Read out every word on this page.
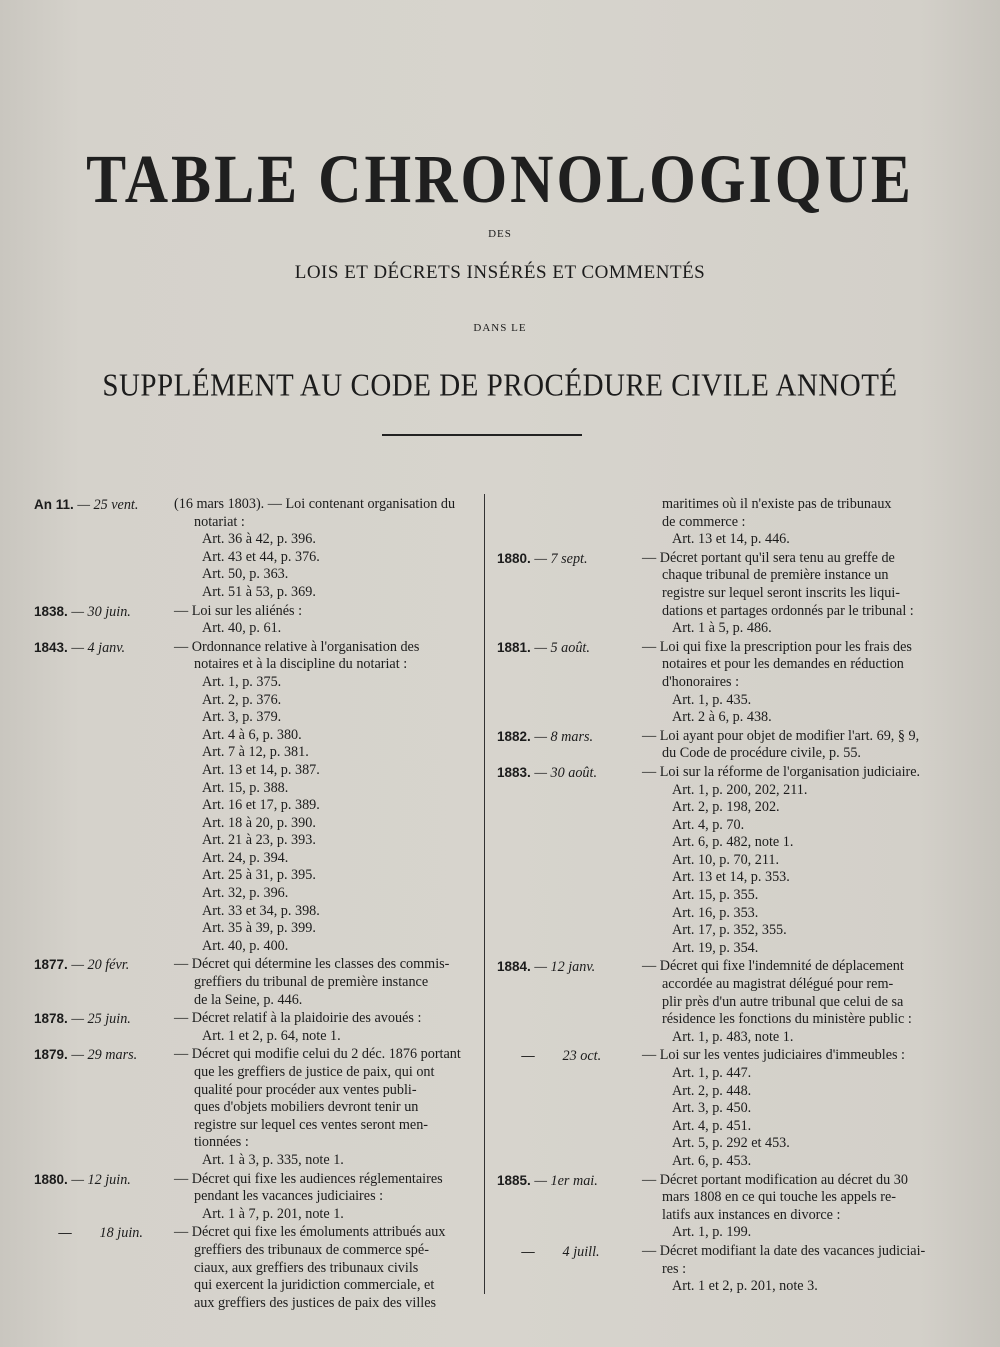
TABLE CHRONOLOGIQUE
DES
LOIS ET DÉCRETS INSÉRÉS ET COMMENTÉS
DANS LE
SUPPLÉMENT AU CODE DE PROCÉDURE CIVILE ANNOTÉ
An 11. — 25 vent.	(16 mars 1803). — Loi contenant organisation du
notariat :
Art. 36 à 42, p. 396.
Art. 43 et 44, p. 376.
Art. 50, p. 363.
Art. 51 à 53, p. 369.
1838. — 30 juin.	— Loi sur les aliénés :
Art. 40, p. 61.
1843. — 4 janv.	— Ordonnance relative à l'organisation des
notaires et à la discipline du notariat :
Art. 1, p. 375.
Art. 2, p. 376.
Art. 3, p. 379.
Art. 4 à 6, p. 380.
Art. 7 à 12, p. 381.
Art. 13 et 14, p. 387.
Art. 15, p. 388.
Art. 16 et 17, p. 389.
Art. 18 à 20, p. 390.
Art. 21 à 23, p. 393.
Art. 24, p. 394.
Art. 25 à 31, p. 395.
Art. 32, p. 396.
Art. 33 et 34, p. 398.
Art. 35 à 39, p. 399.
Art. 40, p. 400.
1877. — 20 févr.	— Décret qui détermine les classes des commis-
greffiers du tribunal de première instance
de la Seine, p. 446.
1878. — 25 juin.	— Décret relatif à la plaidoirie des avoués :
Art. 1 et 2, p. 64, note 1.
1879. — 29 mars.	— Décret qui modifie celui du 2 déc. 1876 portant
que les greffiers de justice de paix, qui ont
qualité pour procéder aux ventes publi-
ques d'objets mobiliers devront tenir un
registre sur lequel ces ventes seront men-
tionnées :
Art. 1 à 3, p. 335, note 1.
1880. — 12 juin.	— Décret qui fixe les audiences réglementaires
pendant les vacances judiciaires :
Art. 1 à 7, p. 201, note 1.
— 18 juin.	— Décret qui fixe les émoluments attribués aux
greffiers des tribunaux de commerce spé-
ciaux, aux greffiers des tribunaux civils
qui exercent la juridiction commerciale, et
aux greffiers des justices de paix des villes
maritimes où il n'existe pas de tribunaux
de commerce :
Art. 13 et 14, p. 446.
1880. — 7 sept.	— Décret portant qu'il sera tenu au greffe de
chaque tribunal de première instance un
registre sur lequel seront inscrits les liqui-
dations et partages ordonnés par le tribunal :
Art. 1 à 5, p. 486.
1881. — 5 août.	— Loi qui fixe la prescription pour les frais des
notaires et pour les demandes en réduction
d'honoraires :
Art. 1, p. 435.
Art. 2 à 6, p. 438.
1882. — 8 mars.	— Loi ayant pour objet de modifier l'art. 69, § 9,
du Code de procédure civile, p. 55.
1883. — 30 août.	— Loi sur la réforme de l'organisation judiciaire.
Art. 1, p. 200, 202, 211.
Art. 2, p. 198, 202.
Art. 4, p. 70.
Art. 6, p. 482, note 1.
Art. 10, p. 70, 211.
Art. 13 et 14, p. 353.
Art. 15, p. 355.
Art. 16, p. 353.
Art. 17, p. 352, 355.
Art. 19, p. 354.
1884. — 12 janv.	— Décret qui fixe l'indemnité de déplacement
accordée au magistrat délégué pour rem-
plir près d'un autre tribunal que celui de sa
résidence les fonctions du ministère public :
Art. 1, p. 483, note 1.
— 23 oct.	— Loi sur les ventes judiciaires d'immeubles :
Art. 1, p. 447.
Art. 2, p. 448.
Art. 3, p. 450.
Art. 4, p. 451.
Art. 5, p. 292 et 453.
Art. 6, p. 453.
1885. — 1er mai.	— Décret portant modification au décret du 30
mars 1808 en ce qui touche les appels re-
latifs aux instances en divorce :
Art. 1, p. 199.
— 4 juill.	— Décret modifiant la date des vacances judiciai-
res :
Art. 1 et 2, p. 201, note 3.
